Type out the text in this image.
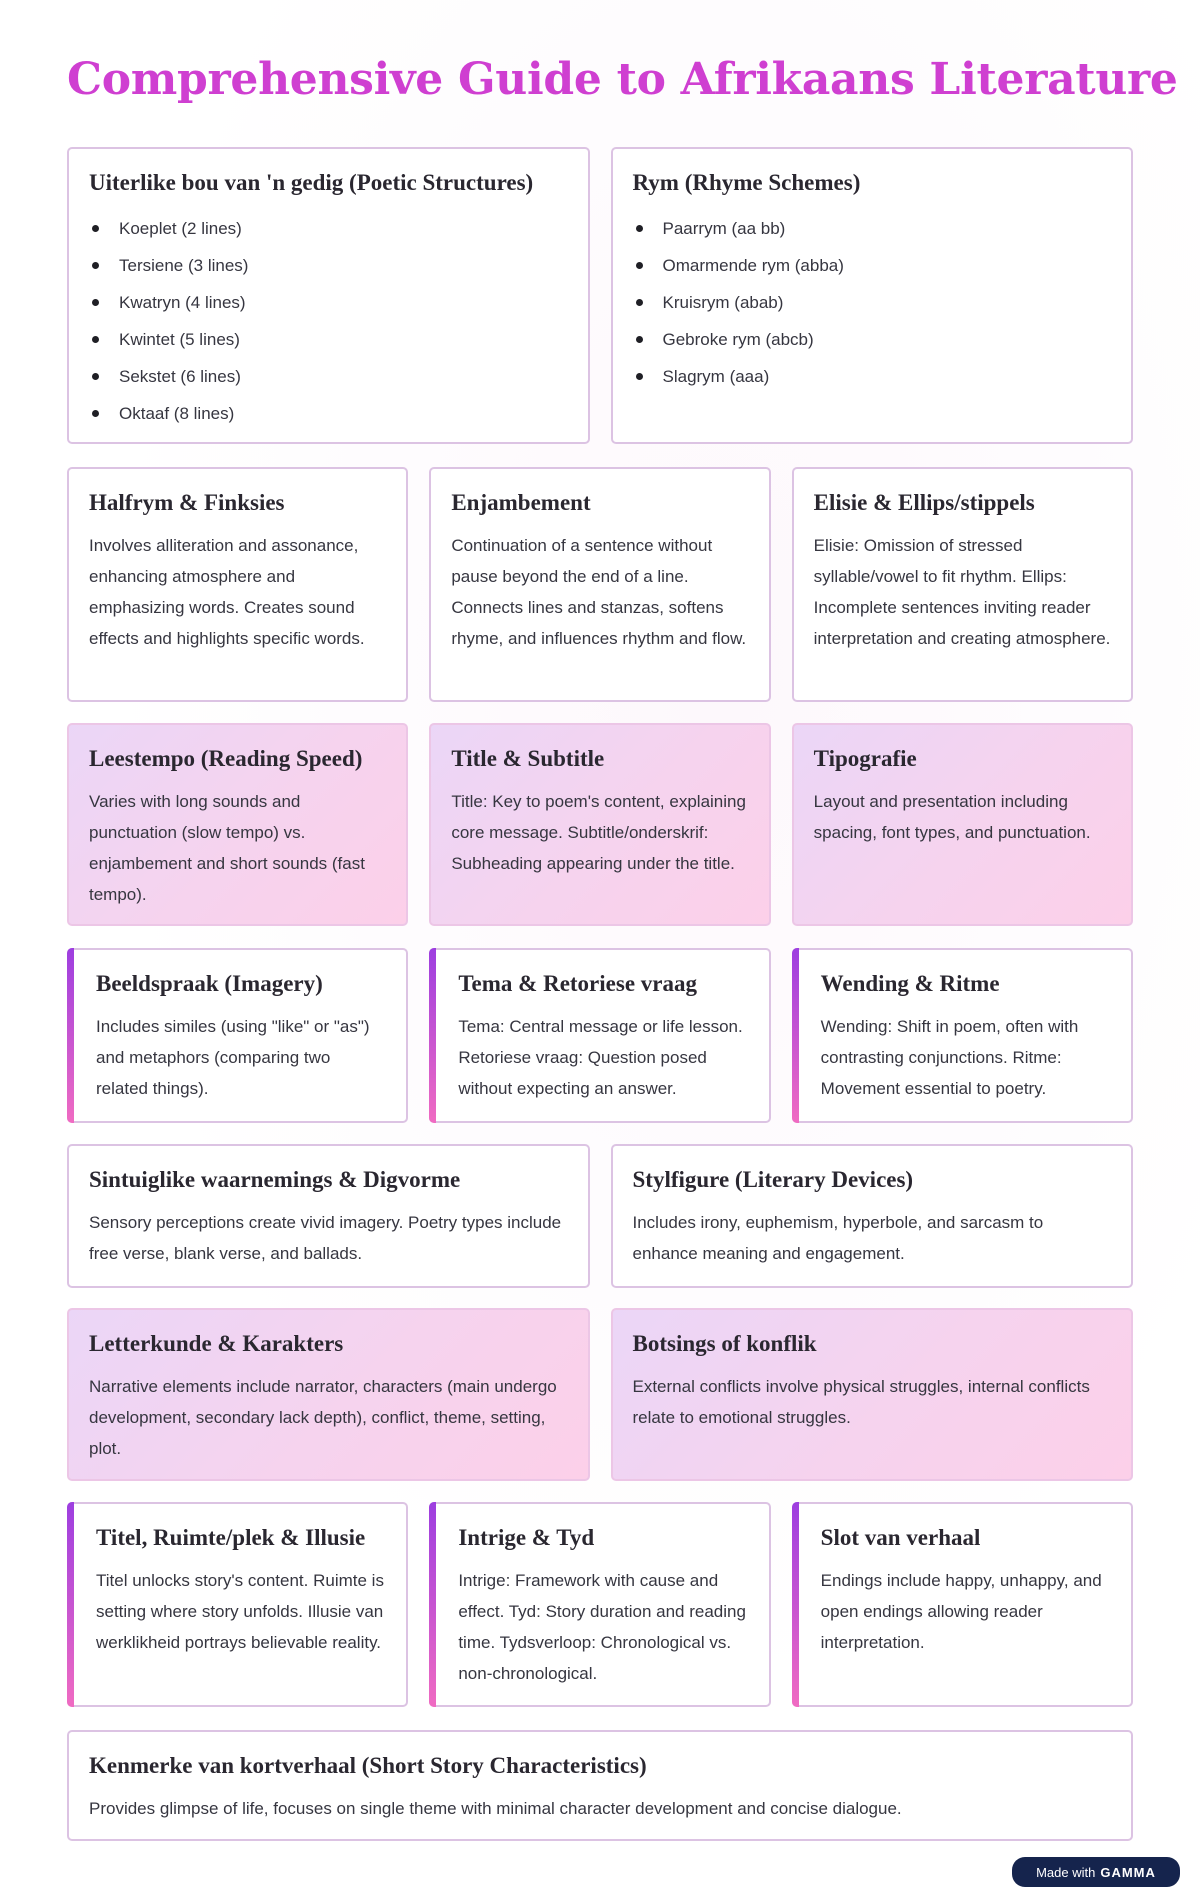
Comprehensive Guide to Afrikaans Literature
Uiterlike bou van 'n gedig (Poetic Structures)
Koeplet (2 lines)
Tersiene (3 lines)
Kwatryn (4 lines)
Kwintet (5 lines)
Sekstet (6 lines)
Oktaaf (8 lines)
Rym (Rhyme Schemes)
Paarrym (aa bb)
Omarmende rym (abba)
Kruisrym (abab)
Gebroke rym (abcb)
Slagrym (aaa)
Halfrym & Finksies

Involves alliteration and assonance, enhancing atmosphere and emphasizing words. Creates sound effects and highlights specific words.

Enjambement

Continuation of a sentence without pause beyond the end of a line. Connects lines and stanzas, softens rhyme, and influences rhythm and flow.

Elisie & Ellips/stippels

Elisie: Omission of stressed syllable/vowel to fit rhythm. Ellips: Incomplete sentences inviting reader interpretation and creating atmosphere.

Leestempo (Reading Speed)

Varies with long sounds and punctuation (slow tempo) vs. enjambement and short sounds (fast tempo).

Title & Subtitle

Title: Key to poem's content, explaining core message. Subtitle/onderskrif: Subheading appearing under the title.

Tipografie

Layout and presentation including spacing, font types, and punctuation.

Beeldspraak (Imagery)

Includes similes (using "like" or "as") and metaphors (comparing two related things).

Tema & Retoriese vraag

Tema: Central message or life lesson. Retoriese vraag: Question posed without expecting an answer.

Wending & Ritme

Wending: Shift in poem, often with contrasting conjunctions. Ritme: Movement essential to poetry.

Sintuiglike waarnemings & Digvorme

Sensory perceptions create vivid imagery. Poetry types include free verse, blank verse, and ballads.

Stylfigure (Literary Devices)

Includes irony, euphemism, hyperbole, and sarcasm to enhance meaning and engagement.

Letterkunde & Karakters

Narrative elements include narrator, characters (main undergo development, secondary lack depth), conflict, theme, setting, plot.

Botsings of konflik

External conflicts involve physical struggles, internal conflicts relate to emotional struggles.

Titel, Ruimte/plek & Illusie

Titel unlocks story's content. Ruimte is setting where story unfolds. Illusie van werklikheid portrays believable reality.

Intrige & Tyd

Intrige: Framework with cause and effect. Tyd: Story duration and reading time. Tydsverloop: Chronological vs. non-chronological.

Slot van verhaal

Endings include happy, unhappy, and open endings allowing reader interpretation.

Kenmerke van kortverhaal (Short Story Characteristics)

Provides glimpse of life, focuses on single theme with minimal character development and concise dialogue.

Made with GAMMA
